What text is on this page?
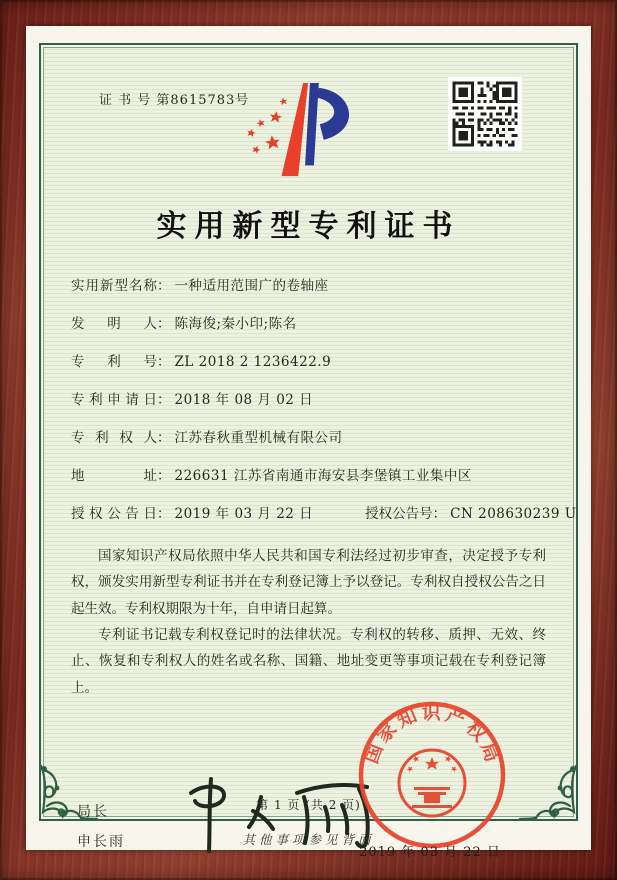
证 书 号 第8615783号
实用新型专利证书
实用新型名称： 一种适用范围广的卷轴座
发明人： 陈海俊;秦小印;陈名
专利号： ZL 2018 2 1236422.9
专利申请日： 2018 年 08 月 02 日
专利权人： 江苏春秋重型机械有限公司
地址： 226631 江苏省南通市海安县李堡镇工业集中区
授权公告日： 2019 年 03 月 22 日	授权公告号： CN 208630239 U

国家知识产权局依照中华人民共和国专利法经过初步审查，决定授予专利权，颁发实用新型专利证书并在专利登记簿上予以登记。专利权自授权公告之日起生效。专利权期限为十年，自申请日起算。

专利证书记载专利权登记时的法律状况。专利权的转移、质押、无效、终止、恢复和专利权人的姓名或名称、国籍、地址变更等事项记载在专利登记簿上。

局长
申长雨
国家知识产权局
2019 年 03 月 22 日
第 1 页 (共 2 页)
其他事项参见背面
